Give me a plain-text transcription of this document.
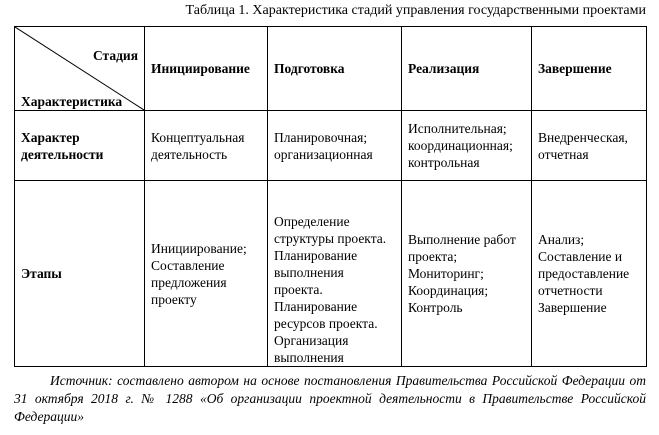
Таблица 1. Характеристика стадий управления государственными проектами
Стадия
Характеристика	Инициирование	Подготовка	Реализация	Завершение
Характер деятельности	Концептуальная деятельность	Планировочная; организационная	Исполнительная; координационная; контрольная	Внедренческая, отчетная
Этапы	Инициирование; Составление предложения проекту	Определение структуры проекта. Планирование выполнения проекта. Планирование ресурсов проекта. Организация выполнения	Выполнение работ проекта; Мониторинг; Координация; Контроль	Анализ; Составление и предоставление отчетности Завершение
Источник: составлено автором на основе постановления Правительства Российской Федерации от 31 октября 2018 г. № 1288 «Об организации проектной деятельности в Правительстве Российской Федерации»
